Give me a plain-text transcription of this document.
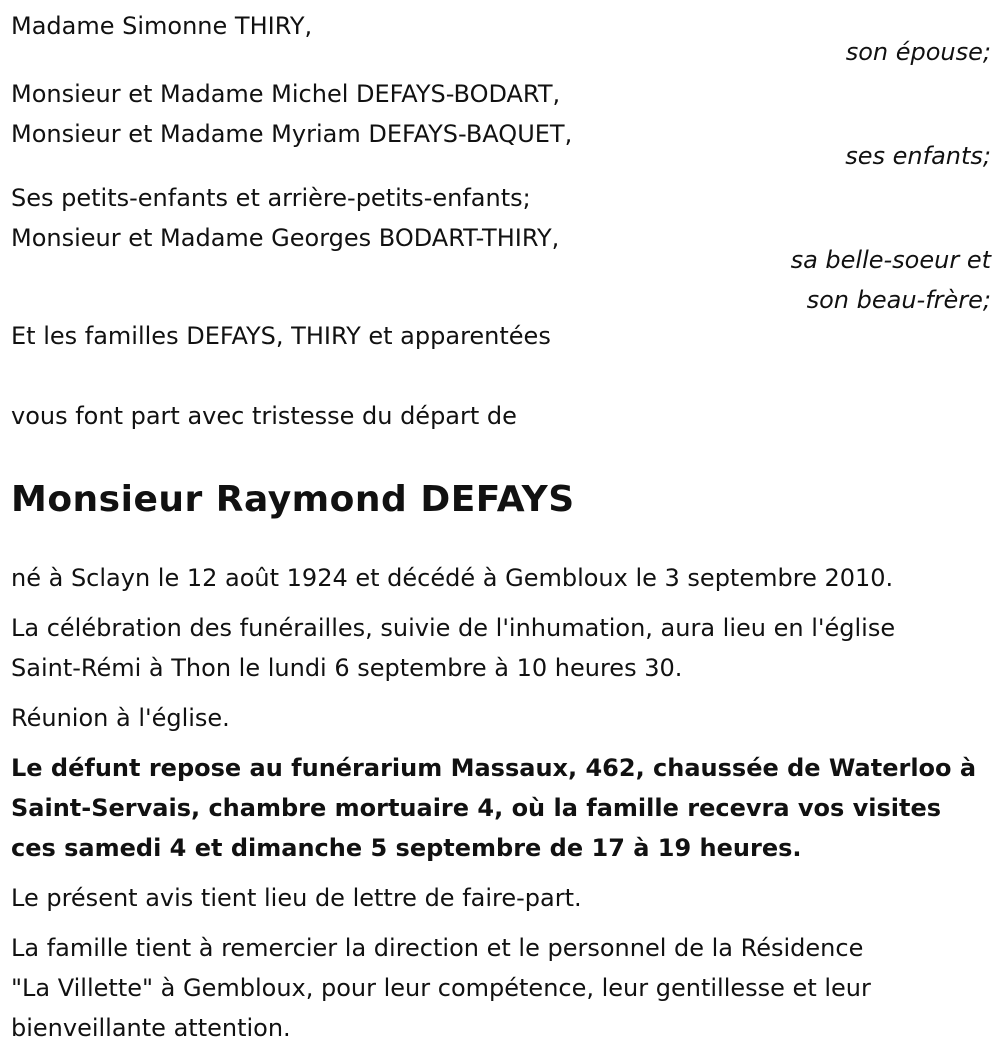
Madame Simonne THIRY,
son épouse;
Monsieur et Madame Michel DEFAYS-BODART,
Monsieur et Madame Myriam DEFAYS-BAQUET,
ses enfants;
Ses petits-enfants et arrière-petits-enfants;
Monsieur et Madame Georges BODART-THIRY,
sa belle-soeur et
son beau-frère;
Et les familles DEFAYS, THIRY et apparentées
vous font part avec tristesse du départ de
Monsieur Raymond DEFAYS
né à Sclayn le 12 août 1924 et décédé à Gembloux le 3 septembre 2010.
La célébration des funérailles, suivie de l'inhumation, aura lieu en l'église
Saint-Rémi à Thon le lundi 6 septembre à 10 heures 30.
Réunion à l'église.
Le défunt repose au funérarium Massaux, 462, chaussée de Waterloo à
Saint-Servais, chambre mortuaire 4, où la famille recevra vos visites
ces samedi 4 et dimanche 5 septembre de 17 à 19 heures.
Le présent avis tient lieu de lettre de faire-part.
La famille tient à remercier la direction et le personnel de la Résidence
"La Villette" à Gembloux, pour leur compétence, leur gentillesse et leur
bienveillante attention.
